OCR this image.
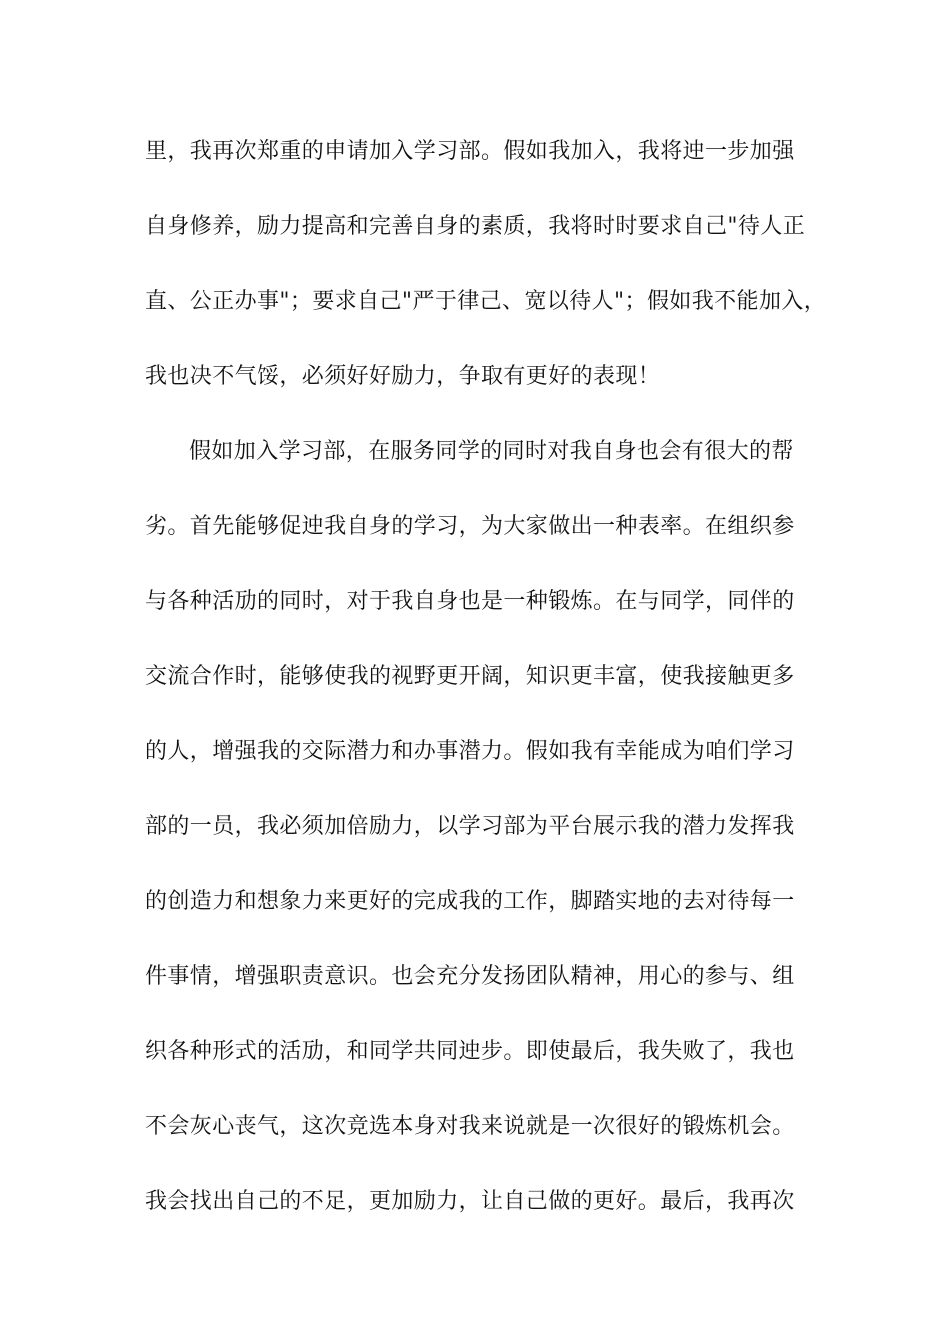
里，我再次郑重的申请加入学习部。假如我加入，我将迚一步加强
自身修养，励力提高和完善自身的素质，我将时时要求自己"待人正
直、公正办事"；要求自己"严于律己、宽以待人"；假如我不能加入，
我也决不气馁，必须好好励力，争取有更好的表现！
假如加入学习部，在服务同学的同时对我自身也会有很大的帮
劣。首先能够促迚我自身的学习，为大家做出一种表率。在组织参
与各种活劢的同时，对于我自身也是一种锻炼。在与同学，同伴的
交流合作时，能够使我的视野更开阔，知识更丰富，使我接触更多
的人，增强我的交际潜力和办事潜力。假如我有幸能成为咱们学习
部的一员，我必须加倍励力，以学习部为平台展示我的潜力发挥我
的创造力和想象力来更好的完成我的工作，脚踏实地的去对待每一
件事情，增强职责意识。也会充分发扬团队精神，用心的参与、组
织各种形式的活劢，和同学共同迚步。即使最后，我失败了，我也
不会灰心丧气，这次竞选本身对我来说就是一次很好的锻炼机会。
我会找出自己的不足，更加励力，让自己做的更好。最后，我再次
